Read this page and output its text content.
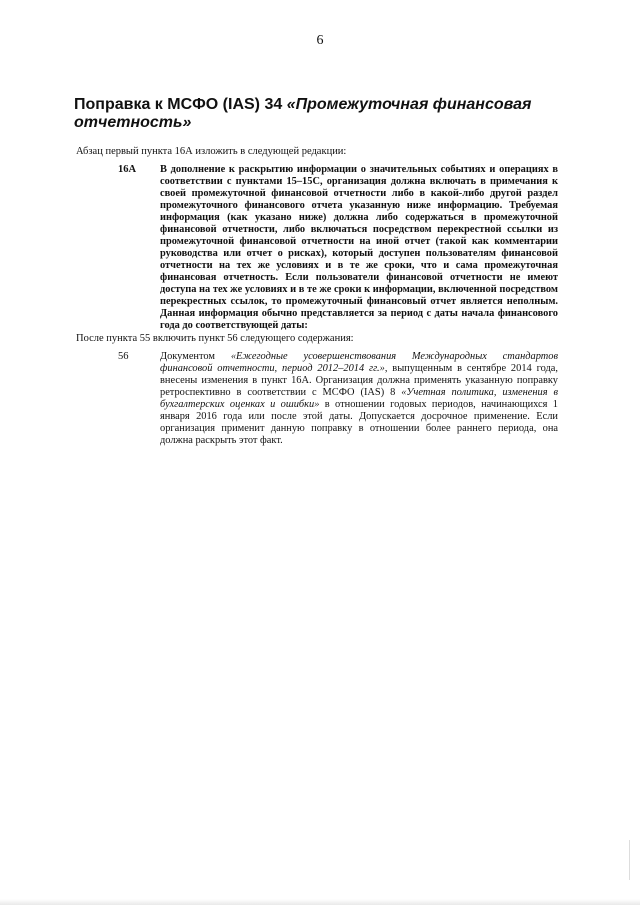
6
Поправка к МСФО (IAS) 34 «Промежуточная финансовая отчетность»
Абзац первый пункта 16А изложить в следующей редакции:
16A В дополнение к раскрытию информации о значительных событиях и операциях в соответствии с пунктами 15–15С, организация должна включать в примечания к своей промежуточной финансовой отчетности либо в какой-либо другой раздел промежуточного финансового отчета указанную ниже информацию. Требуемая информация (как указано ниже) должна либо содержаться в промежуточной финансовой отчетности, либо включаться посредством перекрестной ссылки из промежуточной финансовой отчетности на иной отчет (такой как комментарии руководства или отчет о рисках), который доступен пользователям финансовой отчетности на тех же условиях и в те же сроки, что и сама промежуточная финансовая отчетность. Если пользователи финансовой отчетности не имеют доступа на тех же условиях и в те же сроки к информации, включенной посредством перекрестных ссылок, то промежуточный финансовый отчет является неполным. Данная информация обычно представляется за период с даты начала финансового года до соответствующей даты:
После пункта 55 включить пункт 56 следующего содержания:
56	Документом «Ежегодные усовершенствования Международных стандартов финансовой отчетности, период 2012–2014 гг.», выпущенным в сентябре 2014 года, внесены изменения в пункт 16А. Организация должна применять указанную поправку ретроспективно в соответствии с МСФО (IAS) 8 «Учетная политика, изменения в бухгалтерских оценках и ошибки» в отношении годовых периодов, начинающихся 1 января 2016 года или после этой даты. Допускается досрочное применение. Если организация применит данную поправку в отношении более раннего периода, она должна раскрыть этот факт.
